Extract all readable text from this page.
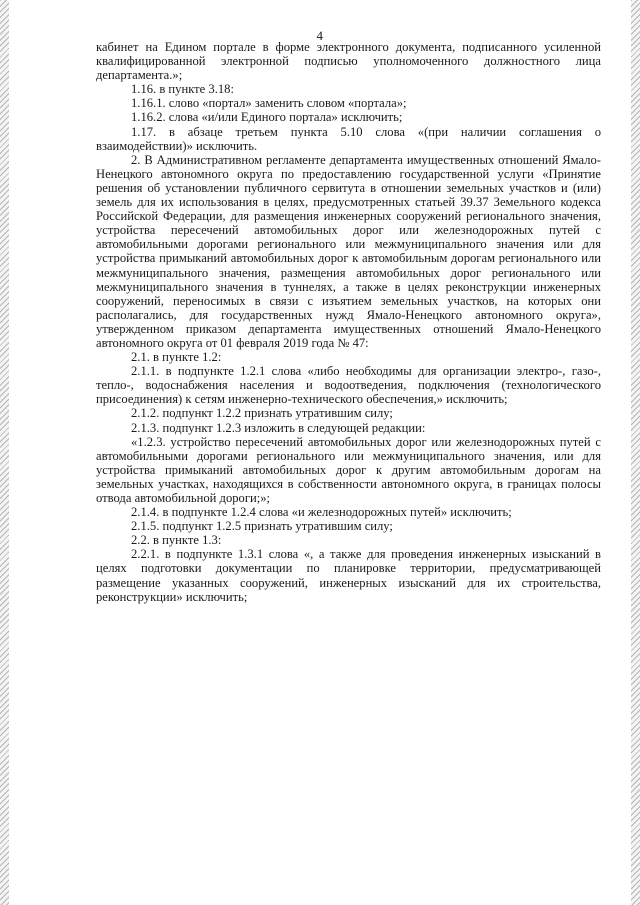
4

кабинет на Едином портале в форме электронного документа, подписанного усиленной квалифицированной электронной подписью уполномоченного должностного лица департамента.»;

1.16. в пункте 3.18:

1.16.1. слово «портал» заменить словом «портала»;

1.16.2. слова «и/или Единого портала» исключить;

1.17. в абзаце третьем пункта 5.10 слова «(при наличии соглашения о взаимодействии)» исключить.

2. В Административном регламенте департамента имущественных отношений Ямало-Ненецкого автономного округа по предоставлению государственной услуги «Принятие решения об установлении публичного сервитута в отношении земельных участков и (или) земель для их использования в целях, предусмотренных статьей 39.37 Земельного кодекса Российской Федерации, для размещения инженерных сооружений регионального значения, устройства пересечений автомобильных дорог или железнодорожных путей с автомобильными дорогами регионального или межмуниципального значения или для устройства примыканий автомобильных дорог к автомобильным дорогам регионального или межмуниципального значения, размещения автомобильных дорог регионального или межмуниципального значения в туннелях, а также в целях реконструкции инженерных сооружений, переносимых в связи с изъятием земельных участков, на которых они располагались, для государственных нужд Ямало-Ненецкого автономного округа», утвержденном приказом департамента имущественных отношений Ямало-Ненецкого автономного округа от 01 февраля 2019 года № 47:

2.1. в пункте 1.2:

2.1.1. в подпункте 1.2.1 слова «либо необходимы для организации электро-, газо-, тепло-, водоснабжения населения и водоотведения, подключения (технологического присоединения) к сетям инженерно-технического обеспечения,» исключить;

2.1.2. подпункт 1.2.2 признать утратившим силу;

2.1.3. подпункт 1.2.3 изложить в следующей редакции:

«1.2.3. устройство пересечений автомобильных дорог или железнодорожных путей с автомобильными дорогами регионального или межмуниципального значения, или для устройства примыканий автомобильных дорог к другим автомобильным дорогам на земельных участках, находящихся в собственности автономного округа, в границах полосы отвода автомобильной дороги;»;

2.1.4. в подпункте 1.2.4 слова «и железнодорожных путей» исключить;

2.1.5. подпункт 1.2.5 признать утратившим силу;

2.2. в пункте 1.3:

2.2.1. в подпункте 1.3.1 слова «, а также для проведения инженерных изысканий в целях подготовки документации по планировке территории, предусматривающей размещение указанных сооружений, инженерных изысканий для их строительства, реконструкции» исключить;
